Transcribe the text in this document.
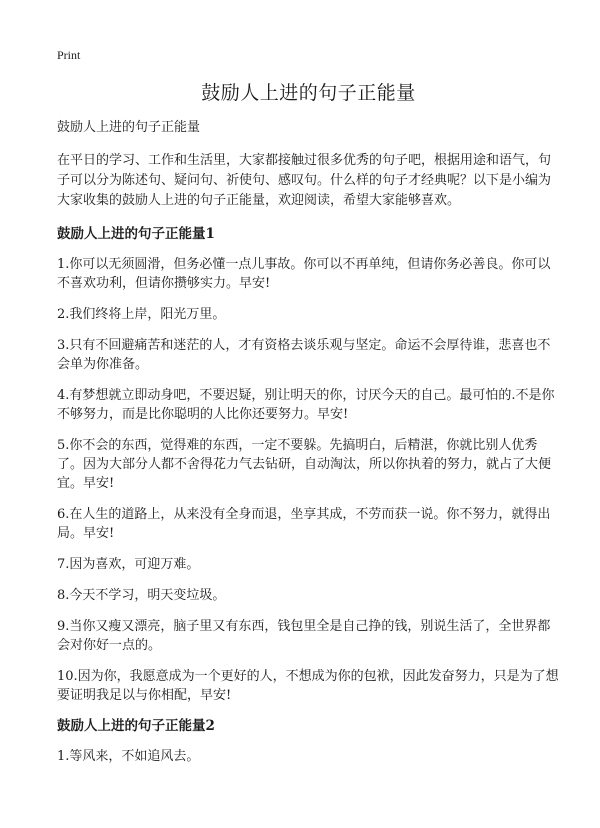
Print
鼓励人上进的句子正能量

鼓励人上进的句子正能量

在平日的学习、工作和生活里，大家都接触过很多优秀的句子吧，根据用途和语气，句子可以分为陈述句、疑问句、祈使句、感叹句。什么样的句子才经典呢？以下是小编为大家收集的鼓励人上进的句子正能量，欢迎阅读，希望大家能够喜欢。

鼓励人上进的句子正能量1

1.你可以无须圆滑，但务必懂一点儿事故。你可以不再单纯，但请你务必善良。你可以不喜欢功利，但请你攒够实力。早安!

2.我们终将上岸，阳光万里。

3.只有不回避痛苦和迷茫的人，才有资格去谈乐观与坚定。命运不会厚待谁，悲喜也不会单为你准备。

4.有梦想就立即动身吧，不要迟疑，别让明天的你，讨厌今天的自己。最可怕的.不是你不够努力，而是比你聪明的人比你还要努力。早安!

5.你不会的东西，觉得难的东西，一定不要躲。先搞明白，后精湛，你就比别人优秀了。因为大部分人都不舍得花力气去钻研，自动淘汰，所以你执着的努力，就占了大便宜。早安!

6.在人生的道路上，从来没有全身而退，坐享其成，不劳而获一说。你不努力，就得出局。早安!

7.因为喜欢，可迎万难。

8.今天不学习，明天变垃圾。

9.当你又瘦又漂亮，脑子里又有东西，钱包里全是自己挣的钱，别说生活了，全世界都会对你好一点的。

10.因为你，我愿意成为一个更好的人，不想成为你的包袱，因此发奋努力，只是为了想要证明我足以与你相配，早安!

鼓励人上进的句子正能量2

1.等风来，不如追风去。
